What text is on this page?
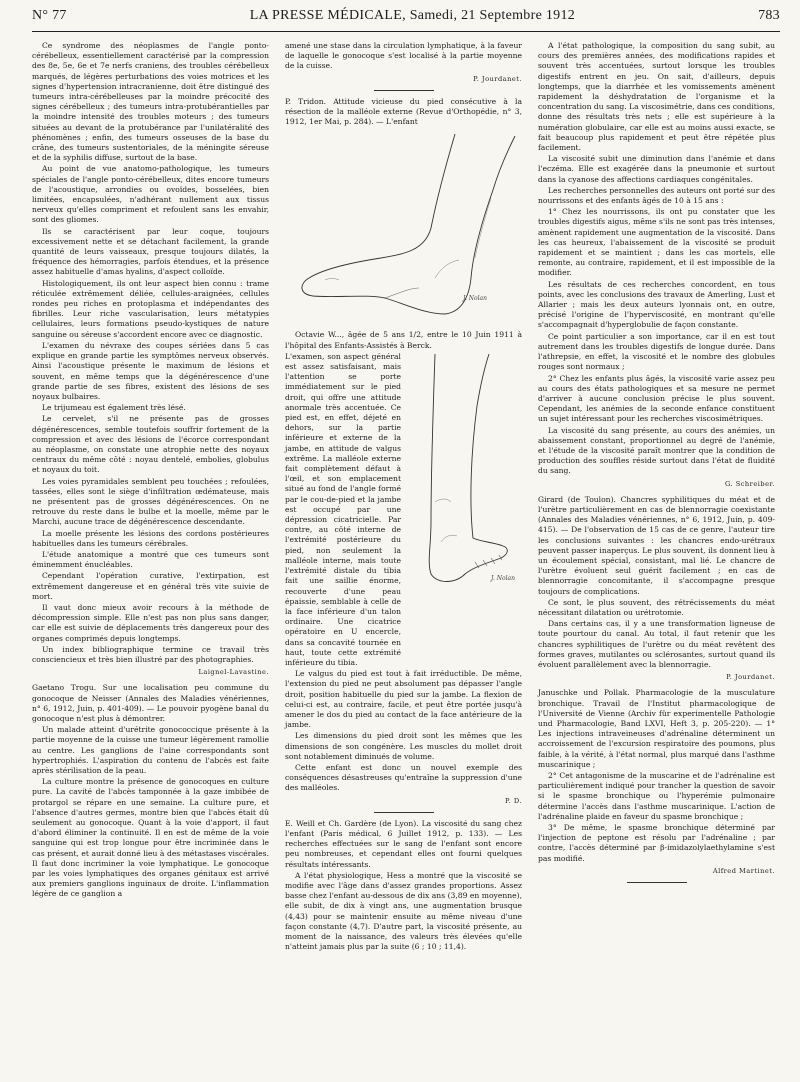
N° 77	LA PRESSE MÉDICALE, Samedi, 21 Septembre 1912	783

Ce syndrome des néoplasmes de l'angle ponto-cérébelleux, essentiellement caractérisé par la compression des 8e, 5e, 6e et 7e nerfs craniens, des troubles cérébelleux marqués, de légères perturbations des voies motrices et les signes d'hypertension intracranienne, doit être distingué des tumeurs intra-cérébelleuses par la moindre précocité des signes cérébelleux ; des tumeurs intra-protubérantielles par la moindre intensité des troubles moteurs ; des tumeurs situées au devant de la protubérance par l'unilatéralité des phénomènes ; enfin, des tumeurs osseuses de la base du crâne, des tumeurs sustentoriales, de la méningite séreuse et de la syphilis diffuse, surtout de la base.

Au point de vue anatomo-pathologique, les tumeurs spéciales de l'angle ponto-cérébelleux, dites encore tumeurs de l'acoustique, arrondies ou ovoïdes, bosselées, bien limitées, encapsulées, n'adhérant nullement aux tissus nerveux qu'elles compriment et refoulent sans les envahir, sont des gliomes.

Ils se caractérisent par leur coque, toujours excessivement nette et se détachant facilement, la grande quantité de leurs vaisseaux, presque toujours dilatés, la fréquence des hémorragies, parfois étendues, et la présence assez habituelle d'amas hyalins, d'aspect colloïde.

Histologiquement, ils ont leur aspect bien connu : trame réticulée extrêmement déliée, cellules-araignées, cellules rondes peu riches en protoplasma et indépendantes des fibrilles. Leur riche vascularisation, leurs métatypies cellulaires, leurs formations pseudo-kystiques de nature sanguine ou séreuse s'accordent encore avec ce diagnostic.

L'examen du névraxe des coupes sériées dans 5 cas explique en grande partie les symptômes nerveux observés. Ainsi l'acoustique présente le maximum de lésions et souvent, en même temps que la dégénérescence d'une grande partie de ses fibres, existent des lésions de ses noyaux bulbaires.

Le trijumeau est également très lésé.

Le cervelet, s'il ne présente pas de grosses dégénérescences, semble toutefois souffrir fortement de la compression et avec des lésions de l'écorce correspondant au néoplasme, on constate une atrophie nette des noyaux centraux du même côté : noyau dentelé, embolies, globulus et noyaux du toit.

Les voies pyramidales semblent peu touchées ; refoulées, tassées, elles sont le siège d'infiltration œdémateuse, mais ne présentent pas de grosses dégénérescences. On ne retrouve du reste dans le bulbe et la moelle, même par le Marchi, aucune trace de dégénérescence descendante.

La moelle présente les lésions des cordons postérieures habituelles dans les tumeurs cérébrales.

L'étude anatomique a montré que ces tumeurs sont éminemment énucléables.

Cependant l'opération curative, l'extirpation, est extrêmement dangereuse et en général très vite suivie de mort.

Il vaut donc mieux avoir recours à la méthode de décompression simple. Elle n'est pas non plus sans danger, car elle est suivie de déplacements très dangereux pour des organes comprimés depuis longtemps.

Un index bibliographique termine ce travail très consciencieux et très bien illustré par des photographies.

Laignel-Lavastine.

Gaetano Trogu. Sur une localisation peu commune du gonocoque de Neisser (Annales des Maladies vénériennes, n° 6, 1912, Juin, p. 401-409). — Le pouvoir pyogène banal du gonocoque n'est plus à démontrer.

Un malade atteint d'urétrite gonococcique présente à la partie moyenne de la cuisse une tumeur légèrement ramollie au centre. Les ganglions de l'aine correspondants sont hypertrophiés. L'aspiration du contenu de l'abcès est faite après stérilisation de la peau.

La culture montre la présence de gonocoques en culture pure. La cavité de l'abcès tamponnée à la gaze imbibée de protargol se répare en une semaine. La culture pure, et l'absence d'autres germes, montre bien que l'abcès était dû seulement au gonocoque. Quant à la voie d'apport, il faut d'abord éliminer la continuité. Il en est de même de la voie sanguine qui est trop longue pour être incriminée dans le cas présent, et aurait donné lieu à des métastases viscérales. Il faut donc incriminer la voie lymphatique. Le gonocoque par les voies lymphatiques des organes génitaux est arrivé aux premiers ganglions inguinaux de droite. L'inflammation légère de ce ganglion a

amené une stase dans la circulation lymphatique, à la faveur de laquelle le gonocoque s'est localisé à la partie moyenne de la cuisse.

P. Jourdanet.

P. Tridon. Attitude vicieuse du pied consécutive à la résection de la malléole externe (Revue d'Orthopédie, n° 3, 1912, 1er Mai, p. 284). — L'enfant

J. Nolan

Octavie W..., âgée de 5 ans 1/2, entre le 10 Juin 1911 à l'hôpital des Enfants-Assistés à Berck.

L'examen, son aspect général est assez satisfaisant, mais l'attention se porte immédiatement sur le pied droit, qui offre une attitude anormale très accentuée. Ce pied est, en effet, déjeté en dehors, sur la partie inférieure et externe de la jambe, en attitude de valgus extrême. La malléole externe fait complètement défaut à l'œil, et son emplacement situé au fond de l'angle formé par le cou-de-pied et la jambe est occupé par une dépression cicatricielle. Par contre, au côté interne de l'extrémité postérieure du pied, non seulement la malléole interne, mais toute l'extrémité distale du tibia fait une saillie énorme, recouverte d'une peau épaissie, semblable à celle de la face inférieure d'un talon ordinaire. Une cicatrice opératoire en U encercle, dans sa concavité tournée en haut, toute cette extrémité inférieure du tibia.

J. Nolan

Le valgus du pied est tout à fait irréductible. De même, l'extension du pied ne peut absolument pas dépasser l'angle droit, position habituelle du pied sur la jambe. La flexion de celui-ci est, au contraire, facile, et peut être portée jusqu'à amener le dos du pied au contact de la face antérieure de la jambe.

Les dimensions du pied droit sont les mêmes que les dimensions de son congénère. Les muscles du mollet droit sont notablement diminués de volume.

Cette enfant est donc un nouvel exemple des conséquences désastreuses qu'entraîne la suppression d'une des malléoles.

P. D.

E. Weill et Ch. Gardère (de Lyon). La viscosité du sang chez l'enfant (Paris médical, 6 Juillet 1912, p. 133). — Les recherches effectuées sur le sang de l'enfant sont encore peu nombreuses, et cependant elles ont fourni quelques résultats intéressants.

A l'état physiologique, Hess a montré que la viscosité se modifie avec l'âge dans d'assez grandes proportions. Assez basse chez l'enfant au-dessous de dix ans (3,89 en moyenne), elle subit, de dix à vingt ans, une augmentation brusque (4,43) pour se maintenir ensuite au même niveau d'une façon constante (4,7). D'autre part, la viscosité présente, au moment de la naissance, des valeurs très élevées qu'elle n'atteint jamais plus par la suite (6 ; 10 ; 11,4).

A l'état pathologique, la composition du sang subit, au cours des premières années, des modifications rapides et souvent très accentuées, surtout lorsque les troubles digestifs entrent en jeu. On sait, d'ailleurs, depuis longtemps, que la diarrhée et les vomissements amènent rapidement la déshydratation de l'organisme et la concentration du sang. La viscosimétrie, dans ces conditions, donne des résultats très nets ; elle est supérieure à la numération globulaire, car elle est au moins aussi exacte, se fait beaucoup plus rapidement et peut être répétée plus facilement.

La viscosité subit une diminution dans l'anémie et dans l'eczéma. Elle est exagérée dans la pneumonie et surtout dans la cyanose des affections cardiaques congénitales.

Les recherches personnelles des auteurs ont porté sur des nourrissons et des enfants âgés de 10 à 15 ans :

1° Chez les nourrissons, ils ont pu constater que les troubles digestifs aigus, même s'ils ne sont pas très intenses, amènent rapidement une augmentation de la viscosité. Dans les cas heureux, l'abaissement de la viscosité se produit rapidement et se maintient ; dans les cas mortels, elle remonte, au contraire, rapidement, et il est impossible de la modifier.

Les résultats de ces recherches concordent, en tous points, avec les conclusions des travaux de Amerling, Lust et Allarier ; mais les deux auteurs lyonnais ont, en outre, précisé l'origine de l'hyperviscosité, en montrant qu'elle s'accompagnait d'hyperglobulie de façon constante.

Ce point particulier a son importance, car il en est tout autrement dans les troubles digestifs de longue durée. Dans l'athrepsie, en effet, la viscosité et le nombre des globules rouges sont normaux ;

2° Chez les enfants plus âgés, la viscosité varie assez peu au cours des états pathologiques et sa mesure ne permet d'arriver à aucune conclusion précise le plus souvent. Cependant, les anémies de la seconde enfance constituent un sujet intéressant pour les recherches viscosimétriques.

La viscosité du sang présente, au cours des anémies, un abaissement constant, proportionnel au degré de l'anémie, et l'étude de la viscosité paraît montrer que la condition de production des souffles réside surtout dans l'état de fluidité du sang.

G. Schreiber.

Girard (de Toulon). Chancres syphilitiques du méat et de l'urètre particulièrement en cas de blennorragie coexistante (Annales des Maladies vénériennes, n° 6, 1912, Juin, p. 409-415). — De l'observation de 15 cas de ce genre, l'auteur tire les conclusions suivantes : les chancres endo-urétraux peuvent passer inaperçus. Le plus souvent, ils donnent lieu à un écoulement spécial, consistant, mal lié. Le chancre de l'urètre évoluent seul guérit facilement ; en cas de blennorragie concomitante, il s'accompagne presque toujours de complications.

Ce sont, le plus souvent, des rétrécissements du méat nécessitant dilatation ou urétrotomie.

Dans certains cas, il y a une transformation ligneuse de toute pourtour du canal. Au total, il faut retenir que les chancres syphilitiques de l'urètre ou du méat revêtent des formes graves, mutilantes ou sclérosantes, surtout quand ils évoluent parallèlement avec la blennorragie.

P. Jourdanet.

Januschke und Pollak. Pharmacologie de la musculature bronchique. Travail de l'Institut pharmacologique de l'Université de Vienne (Archiv für experimentelle Pathologie und Pharmacologie, Band LXVI, Heft 3, p. 205-220). — 1° Les injections intraveineuses d'adrénaline déterminent un accroissement de l'excursion respiratoire des poumons, plus faible, à la vérité, à l'état normal, plus marqué dans l'asthme muscarinique ;

2° Cet antagonisme de la muscarine et de l'adrénaline est particulièrement indiqué pour trancher la question de savoir si le spasme bronchique ou l'hyperémie pulmonaire détermine l'accès dans l'asthme muscarinique. L'action de l'adrénaline plaide en faveur du spasme bronchique ;

3° De même, le spasme bronchique déterminé par l'injection de peptone est résolu par l'adrénaline ; par contre, l'accès déterminé par β-imidazolylaethylamine s'est pas modifié.

Alfred Martinet.
